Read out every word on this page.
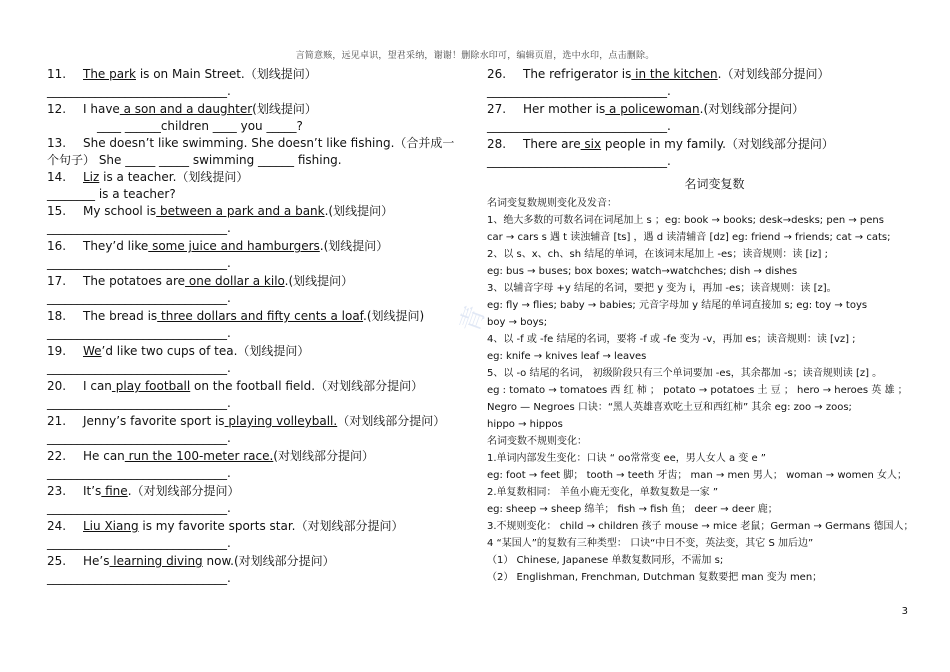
言简意赅，远见卓识，望君采纳，谢谢！删除水印可，编辑页眉，选中水印，点击删除。
青
11. The park is on Main Street.（划线提问）
______________________________.
12. I have a son and a daughter(划线提问）
____ ______children ____ you _____?
13. She doesn’t like swimming. She doesn’t like fishing.（合并成一
个句子） She _____ _____ swimming ______ fishing.
14. Liz is a teacher.（划线提问）
________ is a teacher?
15. My school is between a park and a bank.(划线提问）
______________________________.
16. They’d like some juice and hamburgers.(划线提问）
______________________________.
17. The potatoes are one dollar a kilo.(划线提问）
______________________________.
18. The bread is three dollars and fifty cents a loaf.(划线提问)
______________________________.
19. We’d like two cups of tea.（划线提问）
______________________________.
20. I can play football on the football field.（对划线部分提问）
______________________________.
21. Jenny’s favorite sport is playing volleyball.（对划线部分提问）
______________________________.
22. He can run the 100-meter race.(对划线部分提问）
______________________________.
23. It’s fine.（对划线部分提问）
______________________________.
24. Liu Xiang is my favorite sports star.（对划线部分提问）
______________________________.
25. He’s learning diving now.(对划线部分提问）
______________________________.
26. The refrigerator is in the kitchen.（对划线部分提问）
______________________________.
27. Her mother is a policewoman.(对划线部分提问）
______________________________.
28. There are six people in my family.（对划线部分提问）
______________________________.
名词变复数
名词变复数规则变化及发音：
1、绝大多数的可数名词在词尾加上 s ；eg: book → books; desk→desks; pen → pens
car → cars s 遇 t 读浊辅音 [ts] ，遇 d 读清辅音 [dz] eg: friend → friends; cat → cats;
2、以 s、x、ch、sh 结尾的单词，在该词末尾加上 -es；读音规则：读 [iz] ;
eg: bus → buses; box boxes; watch→watchches; dish → dishes
3、以辅音字母 +y 结尾的名词，要把 y 变为 i，再加 -es；读音规则：读 [z]。
eg: fly → flies; baby → babies; 元音字母加 y 结尾的单词直接加 s; eg: toy → toys
boy → boys;
4、以 -f 或 -fe 结尾的名词，要将 -f 或 -fe 变为 -v，再加 es；读音规则：读 [vz] ;
eg: knife → knives leaf → leaves
5、以 -o 结尾的名词， 初级阶段只有三个单词要加 -es，其余都加 -s；读音规则读 [z] 。
eg : tomato → tomatoes 西 红 柿 ； potato → potatoes 土 豆 ； hero → heroes 英 雄 ；
Negro — Negroes 口诀：“黑人英雄喜欢吃土豆和西红柿” 其余 eg: zoo → zoos;
hippo → hippos
名词变数不规则变化：
1.单词内部发生变化：口诀 “ oo常常变 ee，男人女人 a 变 e ”
eg: foot → feet 脚； tooth → teeth 牙齿； man → men 男人； woman → women 女人；
2.单复数相同： 羊鱼小鹿无变化，单数复数是一家 ”
eg: sheep → sheep 绵羊； fish → fish 鱼； deer → deer 鹿；
3.不规则变化： child → children 孩子 mouse → mice 老鼠；German → Germans 德国人；
4 “某国人”的复数有三种类型： 口诀“中日不变，英法变，其它 S 加后边”
（1） Chinese, Japanese 单数复数同形，不需加 s;
（2） Englishman, Frenchman, Dutchman 复数要把 man 变为 men；
3
